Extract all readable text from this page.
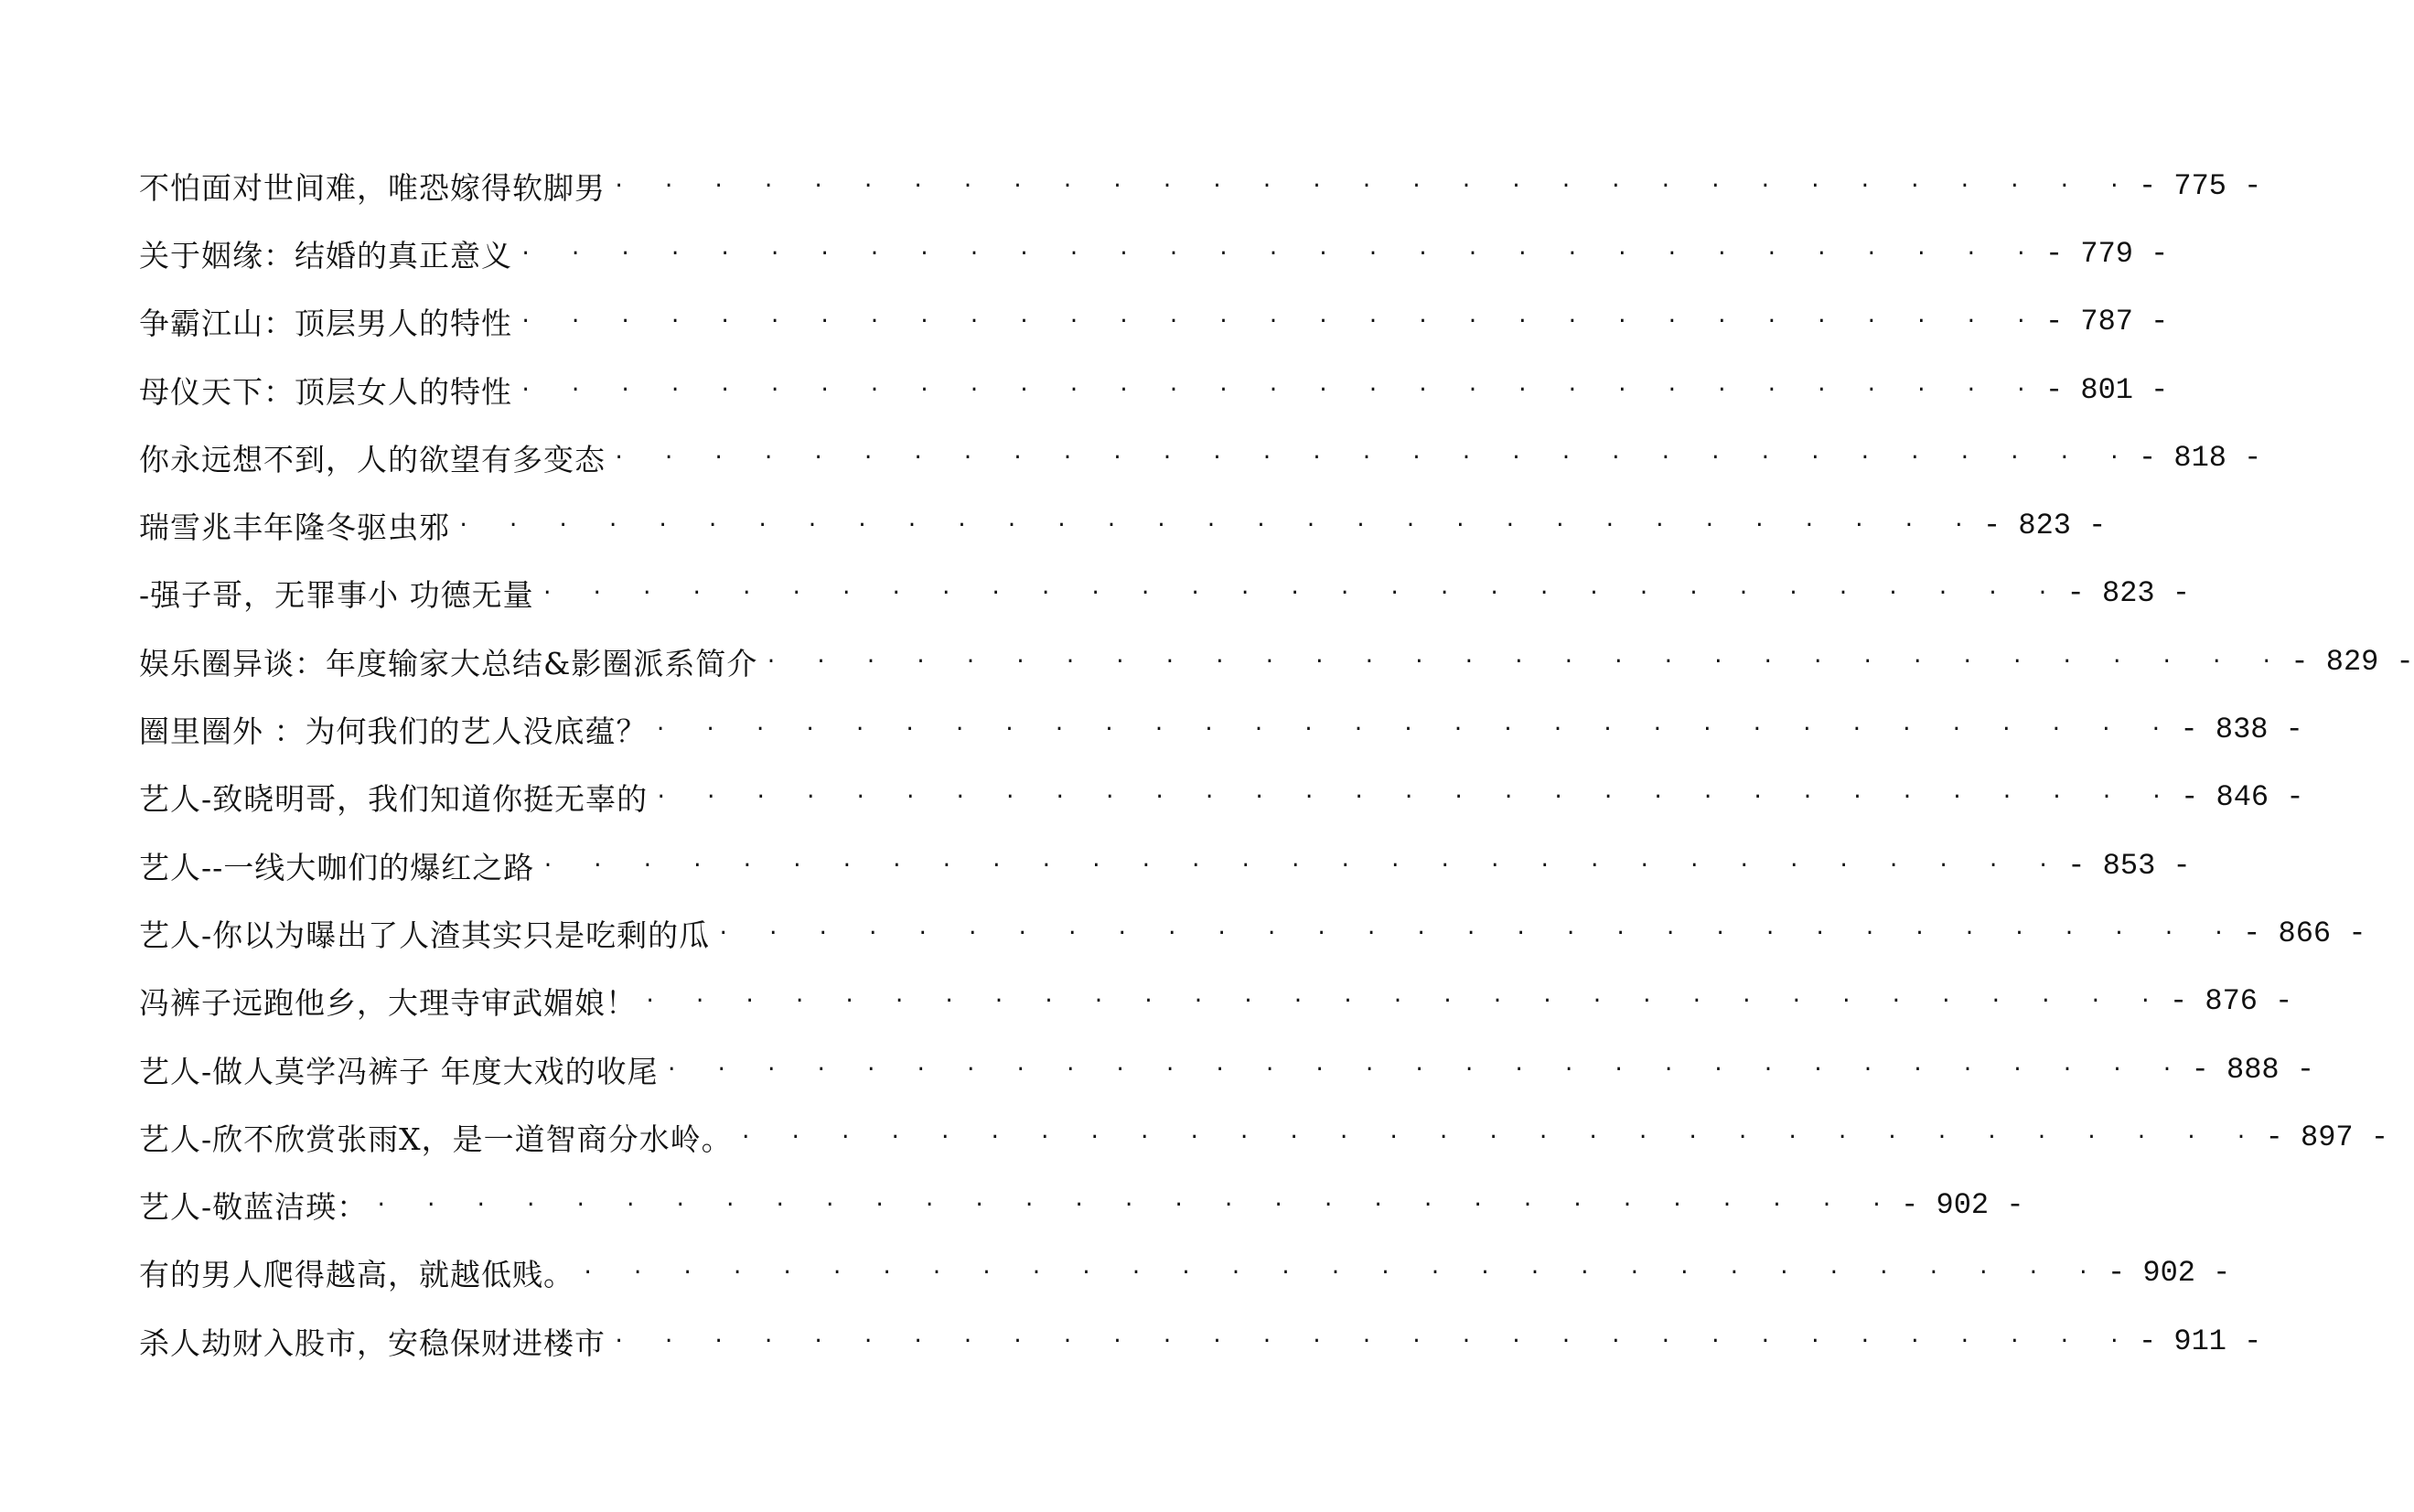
不怕面对世间难，唯恐嫁得软脚男 · · · · · · · · · · · · · · · · · · · · · · · · · · · · · · · - 775 -
关于姻缘：结婚的真正意义 · · · · · · · · · · · · · · · · · · · · · · · · · · · · · · · - 779 -
争霸江山：顶层男人的特性 · · · · · · · · · · · · · · · · · · · · · · · · · · · · · · · - 787 -
母仪天下：顶层女人的特性 · · · · · · · · · · · · · · · · · · · · · · · · · · · · · · · - 801 -
你永远想不到，人的欲望有多变态 · · · · · · · · · · · · · · · · · · · · · · · · · · · · · · · - 818 -
瑞雪兆丰年隆冬驱虫邪 · · · · · · · · · · · · · · · · · · · · · · · · · · · · · · · - 823 -
-强子哥，无罪事小 功德无量 · · · · · · · · · · · · · · · · · · · · · · · · · · · · · · · - 823 -
娱乐圈异谈：年度输家大总结&影圈派系简介 · · · · · · · · · · · · · · · · · · · · · · · · · · · · · · · - 829 -
圈里圈外 ：为何我们的艺人没底蕴？ · · · · · · · · · · · · · · · · · · · · · · · · · · · · · · · - 838 -
艺人-致晓明哥，我们知道你挺无辜的 · · · · · · · · · · · · · · · · · · · · · · · · · · · · · · · - 846 -
艺人--一线大咖们的爆红之路 · · · · · · · · · · · · · · · · · · · · · · · · · · · · · · · - 853 -
艺人-你以为曝出了人渣其实只是吃剩的瓜 · · · · · · · · · · · · · · · · · · · · · · · · · · · · · · · - 866 -
冯裤子远跑他乡，大理寺审武媚娘！ · · · · · · · · · · · · · · · · · · · · · · · · · · · · · · · - 876 -
艺人-做人莫学冯裤子 年度大戏的收尾 · · · · · · · · · · · · · · · · · · · · · · · · · · · · · · · - 888 -
艺人-欣不欣赏张雨X，是一道智商分水岭。 · · · · · · · · · · · · · · · · · · · · · · · · · · · · · · · - 897 -
艺人-敬蓝洁瑛： · · · · · · · · · · · · · · · · · · · · · · · · · · · · · · · - 902 -
有的男人爬得越高，就越低贱。 · · · · · · · · · · · · · · · · · · · · · · · · · · · · · · · - 902 -
杀人劫财入股市，安稳保财进楼市 · · · · · · · · · · · · · · · · · · · · · · · · · · · · · · · - 911 -
